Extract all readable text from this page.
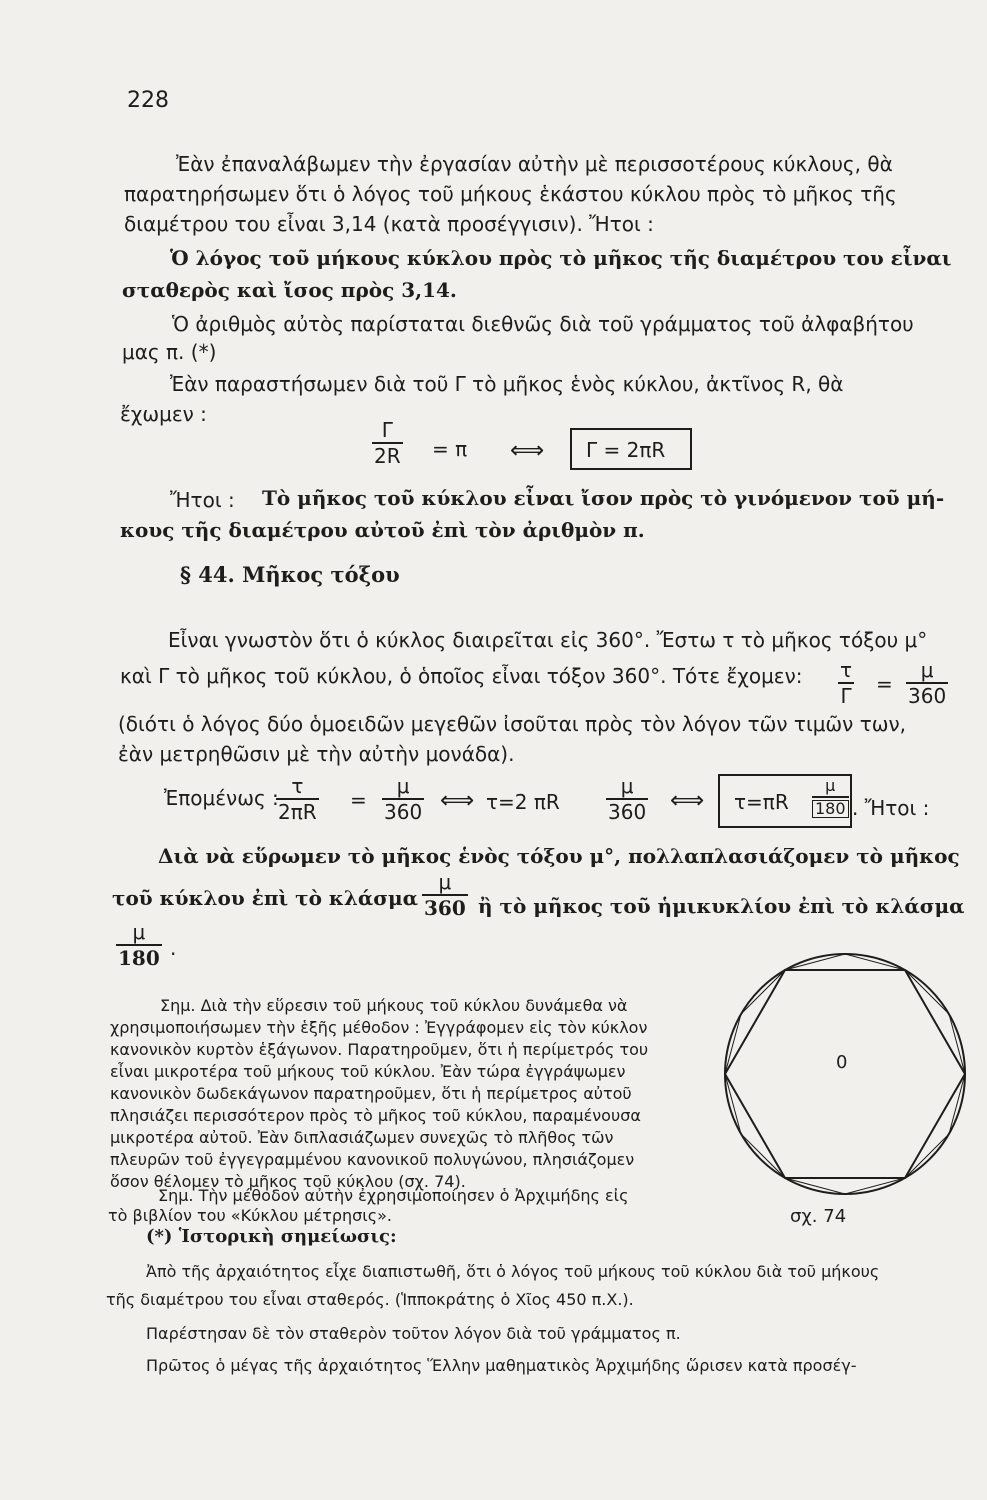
228
Ἐὰν ἐπαναλάβωμεν τὴν ἐργασίαν αὐτὴν μὲ περισσοτέρους κύκλους, θὰ
παρατηρήσωμεν ὅτι ὁ λόγος τοῦ μήκους ἑκάστου κύκλου πρὸς τὸ μῆκος τῆς
διαμέτρου του εἶναι 3,14 (κατὰ προσέγγισιν). Ἤτοι :
Ὁ λόγος τοῦ μήκους κύκλου πρὸς τὸ μῆκος τῆς διαμέτρου του εἶναι
σταθερὸς καὶ ἴσος πρὸς 3,14.
Ὁ ἀριθμὸς αὐτὸς παρίσταται διεθνῶς διὰ τοῦ γράμματος τοῦ ἀλφαβήτου
μας π. (*)
Ἐὰν παραστήσωμεν διὰ τοῦ Γ τὸ μῆκος ἑνὸς κύκλου, ἀκτῖνος R, θὰ
ἔχωμεν :
Γ
2R = π ⟺ Γ = 2πR
Ἤτοι : Τὸ μῆκος τοῦ κύκλου εἶναι ἴσον πρὸς τὸ γινόμενον τοῦ μή-
κους τῆς διαμέτρου αὐτοῦ ἐπὶ τὸν ἀριθμὸν π.
§ 44. Μῆκος τόξου
Εἶναι γνωστὸν ὅτι ὁ κύκλος διαιρεῖται εἰς 360°. Ἔστω τ τὸ μῆκος τόξου μ°
καὶ Γ τὸ μῆκος τοῦ κύκλου, ὁ ὁποῖος εἶναι τόξον 360°. Τότε ἔχομεν: τ
Γ =
μ
360
(διότι ὁ λόγος δύο ὁμοειδῶν μεγεθῶν ἰσοῦται πρὸς τὸν λόγον τῶν τιμῶν των,
ἐὰν μετρηθῶσιν μὲ τὴν αὐτὴν μονάδα).
Ἐπομένως : τ
2πR =
μ
360 ⟺ τ=2 πR
μ
360 ⟺ $\tau=\pi R \frac{\mu}{180}$ . Ἤτοι :
Διὰ νὰ εὕρωμεν τὸ μῆκος ἑνὸς τόξου μ°, πολλαπλασιάζομεν τὸ μῆκος
τοῦ κύκλου ἐπὶ τὸ κλάσμα
μ
360 ἢ τὸ μῆκος τοῦ ἡμικυκλίου ἐπὶ τὸ κλάσμα
μ
180 .
Σημ. Διὰ τὴν εὕρεσιν τοῦ μήκους τοῦ κύκλου δυνάμεθα νὰ
χρησιμοποιήσωμεν τὴν ἑξῆς μέθοδον : Ἐγγράφομεν εἰς τὸν κύκλον
κανονικὸν κυρτὸν ἑξάγωνον. Παρατηροῦμεν, ὅτι ἡ περίμετρός του
εἶναι μικροτέρα τοῦ μήκους τοῦ κύκλου. Ἐὰν τώρα ἐγγράψωμεν
κανονικὸν δωδεκάγωνον παρατηροῦμεν, ὅτι ἡ περίμετρος αὐτοῦ
πλησιάζει περισσότερον πρὸς τὸ μῆκος τοῦ κύκλου, παραμένουσα
μικροτέρα αὐτοῦ. Ἐὰν διπλασιάζωμεν συνεχῶς τὸ πλῆθος τῶν
πλευρῶν τοῦ ἐγγεγραμμένου κανονικοῦ πολυγώνου, πλησιάζομεν
ὅσον θέλομεν τὸ μῆκος τοῦ κύκλου (σχ. 74).
Σημ. Τὴν μέθοδον αὐτὴν ἐχρησιμοποίησεν ὁ Ἀρχιμήδης εἰς
τὸ βιβλίον του «Κύκλου μέτρησις».
(*) Ἱστορικὴ σημείωσις:
Ἀπὸ τῆς ἀρχαιότητος εἶχε διαπιστωθῆ, ὅτι ὁ λόγος τοῦ μήκους τοῦ κύκλου διὰ τοῦ μήκους
τῆς διαμέτρου του εἶναι σταθερός. (Ἱπποκράτης ὁ Χῖος 450 π.Χ.).
Παρέστησαν δὲ τὸν σταθερὸν τοῦτον λόγον διὰ τοῦ γράμματος π.
Πρῶτος ὁ μέγας τῆς ἀρχαιότητος Ἕλλην μαθηματικὸς Ἀρχιμήδης ὥρισεν κατὰ προσέγ-
0
σχ. 74
